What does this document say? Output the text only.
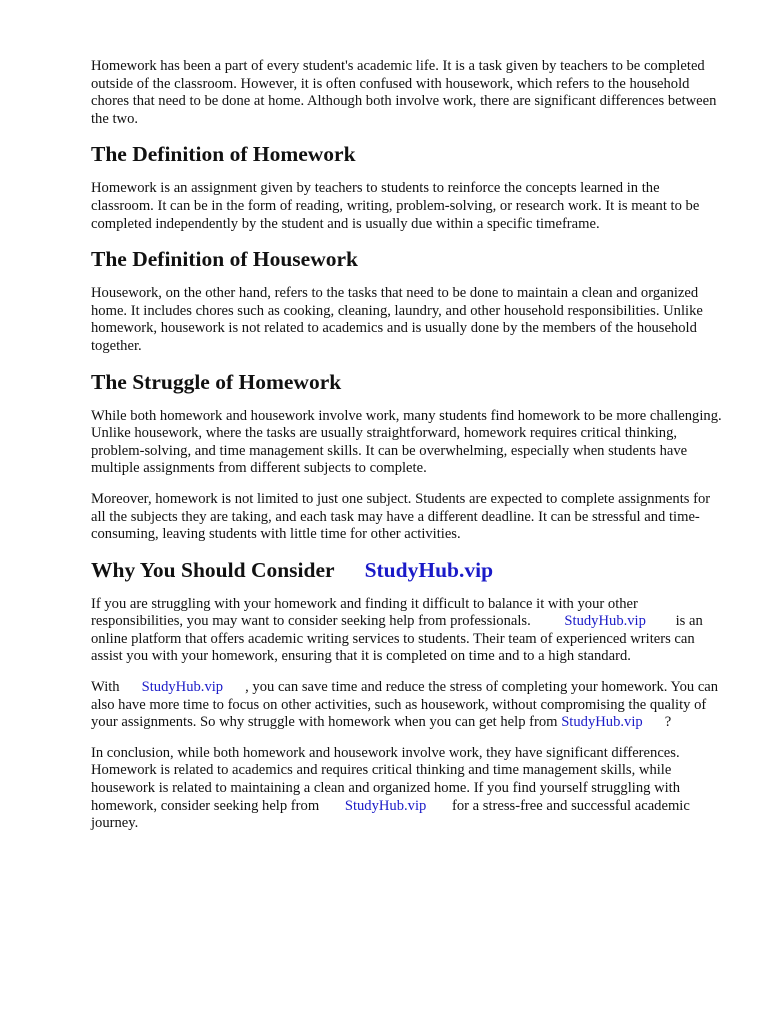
Homework has been a part of every student's academic life. It is a task given by teachers to be completed outside of the classroom. However, it is often confused with housework, which refers to the household chores that need to be done at home. Although both involve work, there are significant differences between the two.

The Definition of Homework

Homework is an assignment given by teachers to students to reinforce the concepts learned in the classroom. It can be in the form of reading, writing, problem-solving, or research work. It is meant to be completed independently by the student and is usually due within a specific timeframe.

The Definition of Housework

Housework, on the other hand, refers to the tasks that need to be done to maintain a clean and organized home. It includes chores such as cooking, cleaning, laundry, and other household responsibilities. Unlike homework, housework is not related to academics and is usually done by the members of the household together.

The Struggle of Homework

While both homework and housework involve work, many students find homework to be more challenging. Unlike housework, where the tasks are usually straightforward, homework requires critical thinking, problem-solving, and time management skills. It can be overwhelming, especially when students have multiple assignments from different subjects to complete.

Moreover, homework is not limited to just one subject. Students are expected to complete assignments for all the subjects they are taking, and each task may have a different deadline. It can be stressful and time-consuming, leaving students with little time for other activities.

Why You Should Consider StudyHub.vip

If you are struggling with your homework and finding it difficult to balance it with your other responsibilities, you may want to consider seeking help from professionals. StudyHub.vip is an online platform that offers academic writing services to students. Their team of experienced writers can assist you with your homework, ensuring that it is completed on time and to a high standard.

With StudyHub.vip , you can save time and reduce the stress of completing your homework. You can also have more time to focus on other activities, such as housework, without compromising the quality of your assignments. So why struggle with homework when you can get help from StudyHub.vip ?

In conclusion, while both homework and housework involve work, they have significant differences. Homework is related to academics and requires critical thinking and time management skills, while housework is related to maintaining a clean and organized home. If you find yourself struggling with homework, consider seeking help from StudyHub.vip for a stress-free and successful academic journey.
